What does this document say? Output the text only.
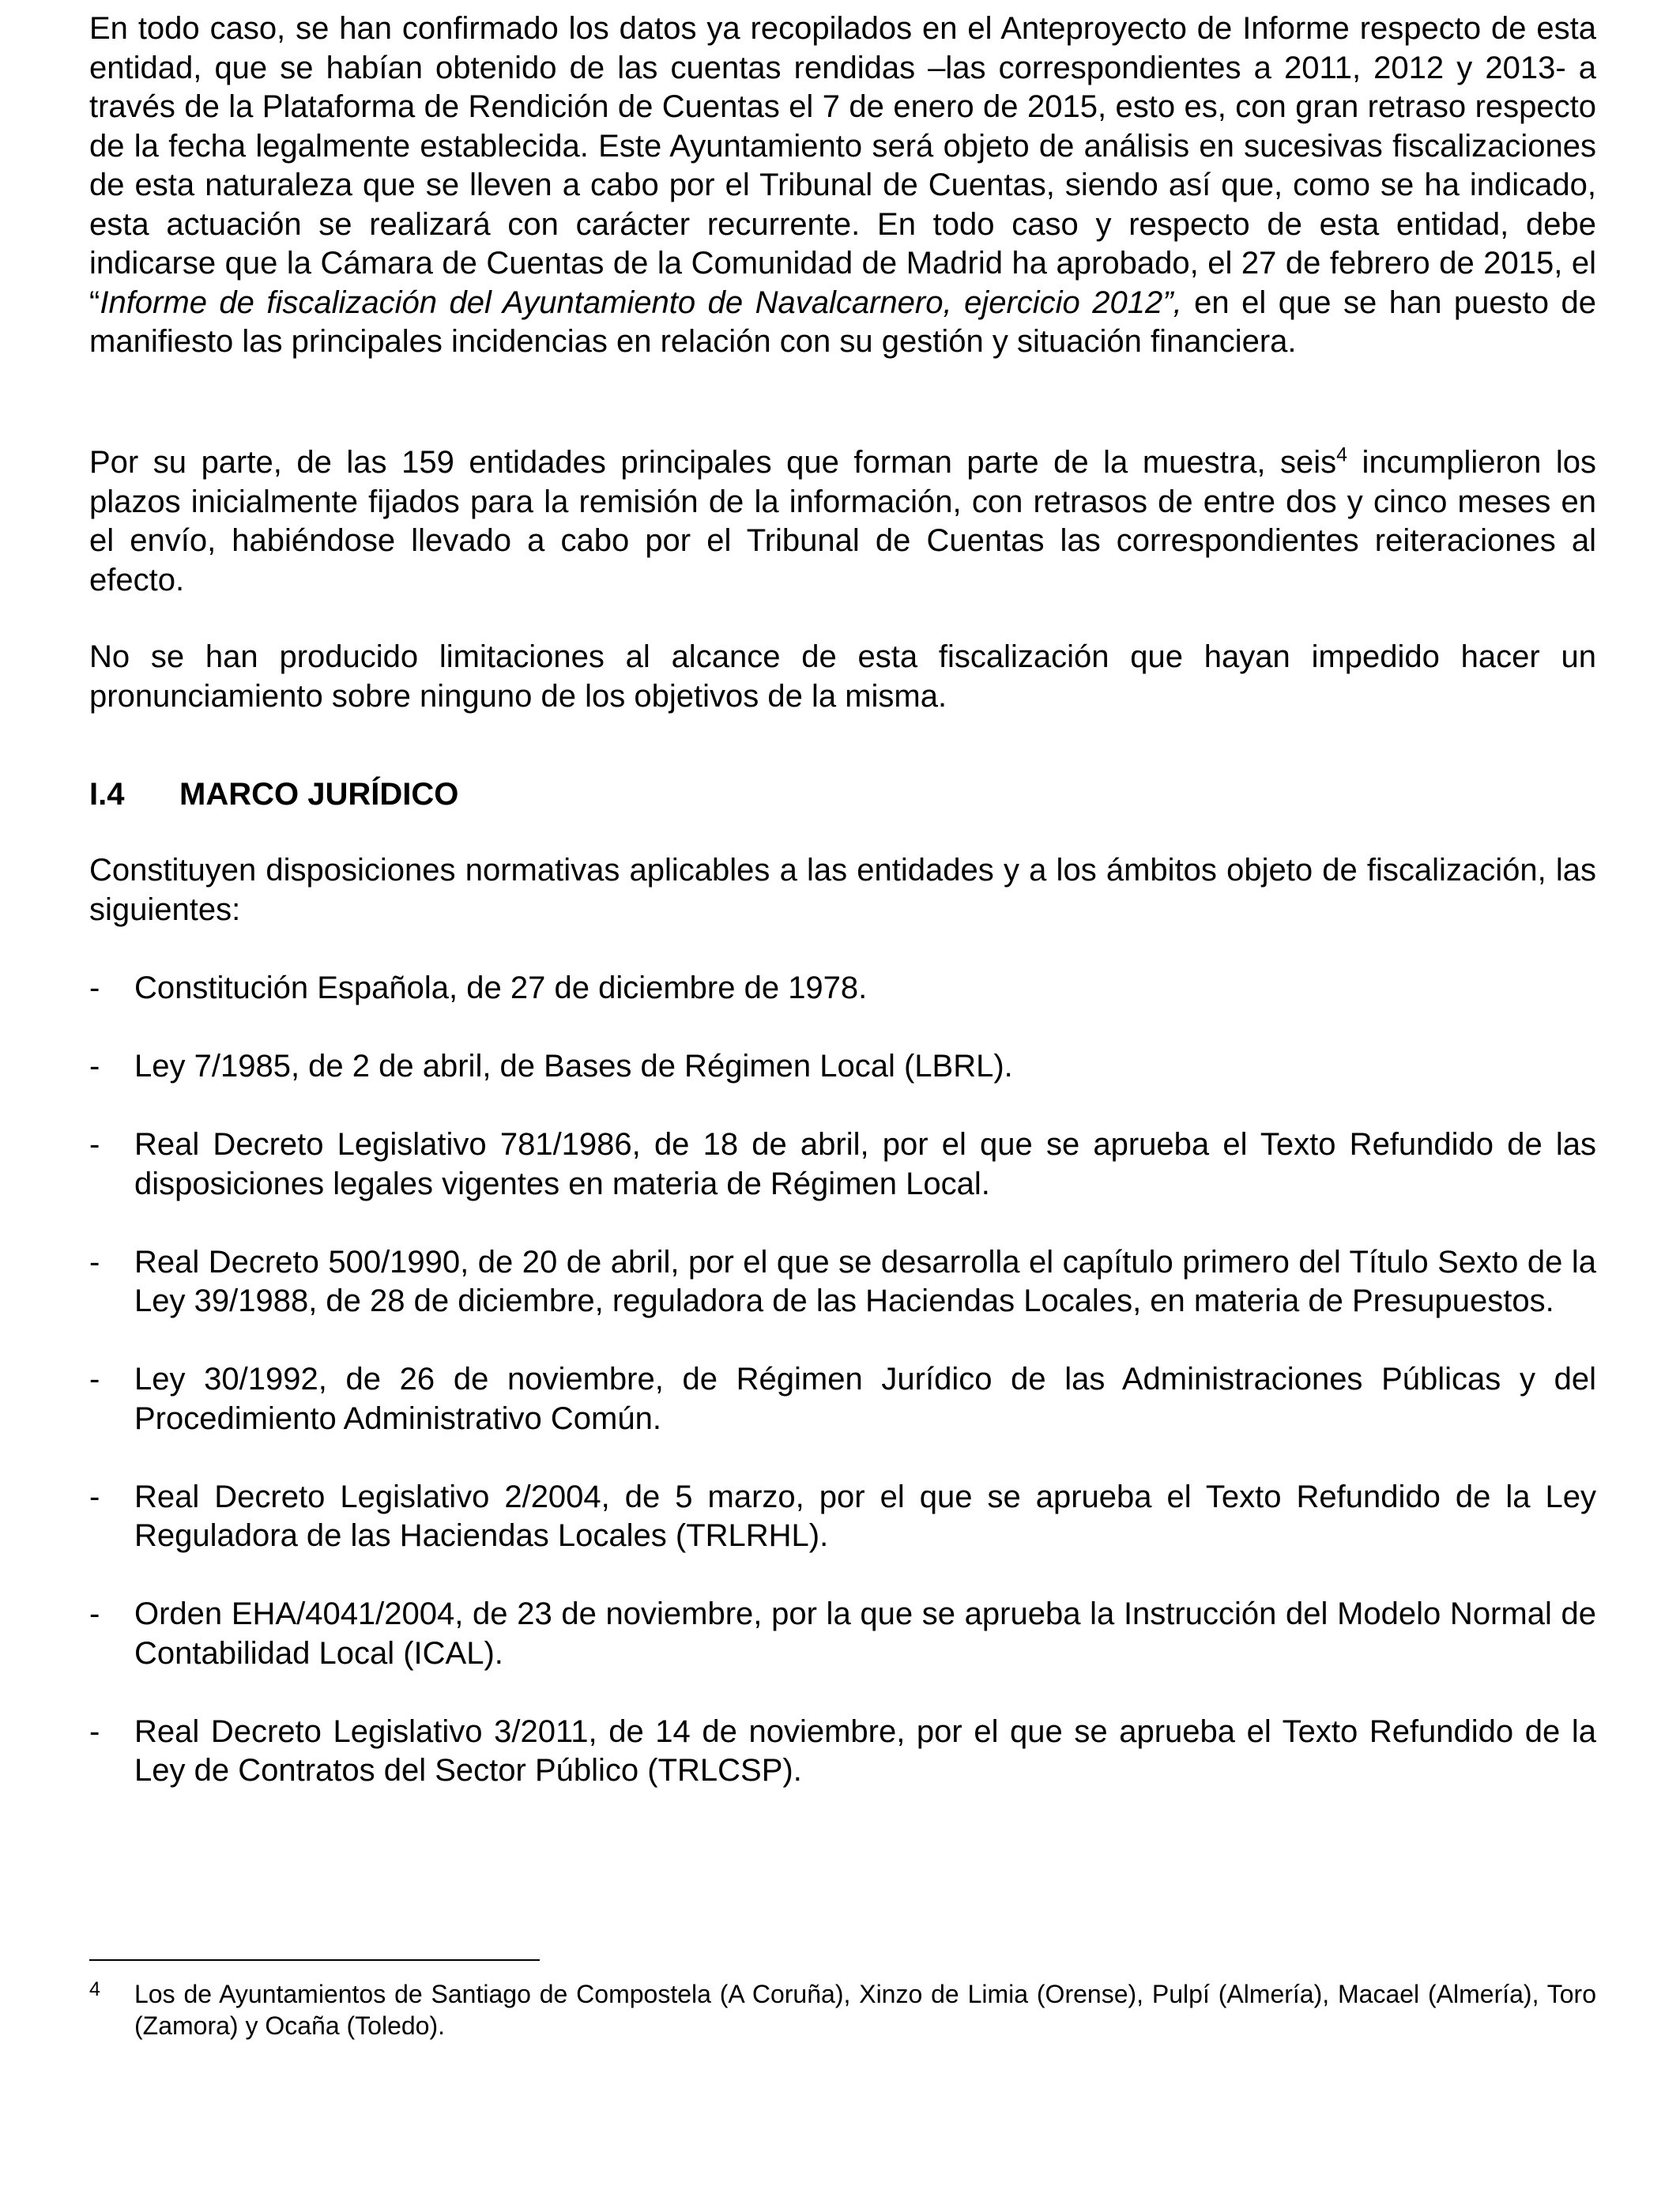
En todo caso, se han confirmado los datos ya recopilados en el Anteproyecto de Informe respecto de esta entidad, que se habían obtenido de las cuentas rendidas –las correspondientes a 2011, 2012 y 2013- a través de la Plataforma de Rendición de Cuentas el 7 de enero de 2015, esto es, con gran retraso respecto de la fecha legalmente establecida. Este Ayuntamiento será objeto de análisis en sucesivas fiscalizaciones de esta naturaleza que se lleven a cabo por el Tribunal de Cuentas, siendo así que, como se ha indicado, esta actuación se realizará con carácter recurrente. En todo caso y respecto de esta entidad, debe indicarse que la Cámara de Cuentas de la Comunidad de Madrid ha aprobado, el 27 de febrero de 2015, el “Informe de fiscalización del Ayuntamiento de Navalcarnero, ejercicio 2012”, en el que se han puesto de manifiesto las principales incidencias en relación con su gestión y situación financiera.

Por su parte, de las 159 entidades principales que forman parte de la muestra, seis$^4$ incumplieron los plazos inicialmente fijados para la remisión de la información, con retrasos de entre dos y cinco meses en el envío, habiéndose llevado a cabo por el Tribunal de Cuentas las correspondientes reiteraciones al efecto.

No se han producido limitaciones al alcance de esta fiscalización que hayan impedido hacer un pronunciamiento sobre ninguno de los objetivos de la misma.

I.4 MARCO JURÍDICO

Constituyen disposiciones normativas aplicables a las entidades y a los ámbitos objeto de fiscalización, las siguientes:

- Constitución Española, de 27 de diciembre de 1978.
- Ley 7/1985, de 2 de abril, de Bases de Régimen Local (LBRL).
- Real Decreto Legislativo 781/1986, de 18 de abril, por el que se aprueba el Texto Refundido de las disposiciones legales vigentes en materia de Régimen Local.
- Real Decreto 500/1990, de 20 de abril, por el que se desarrolla el capítulo primero del Título Sexto de la Ley 39/1988, de 28 de diciembre, reguladora de las Haciendas Locales, en materia de Presupuestos.
- Ley 30/1992, de 26 de noviembre, de Régimen Jurídico de las Administraciones Públicas y del Procedimiento Administrativo Común.
- Real Decreto Legislativo 2/2004, de 5 marzo, por el que se aprueba el Texto Refundido de la Ley Reguladora de las Haciendas Locales (TRLRHL).
- Orden EHA/4041/2004, de 23 de noviembre, por la que se aprueba la Instrucción del Modelo Normal de Contabilidad Local (ICAL).
- Real Decreto Legislativo 3/2011, de 14 de noviembre, por el que se aprueba el Texto Refundido de la Ley de Contratos del Sector Público (TRLCSP).
4 Los de Ayuntamientos de Santiago de Compostela (A Coruña), Xinzo de Limia (Orense), Pulpí (Almería), Macael (Almería), Toro (Zamora) y Ocaña (Toledo).
